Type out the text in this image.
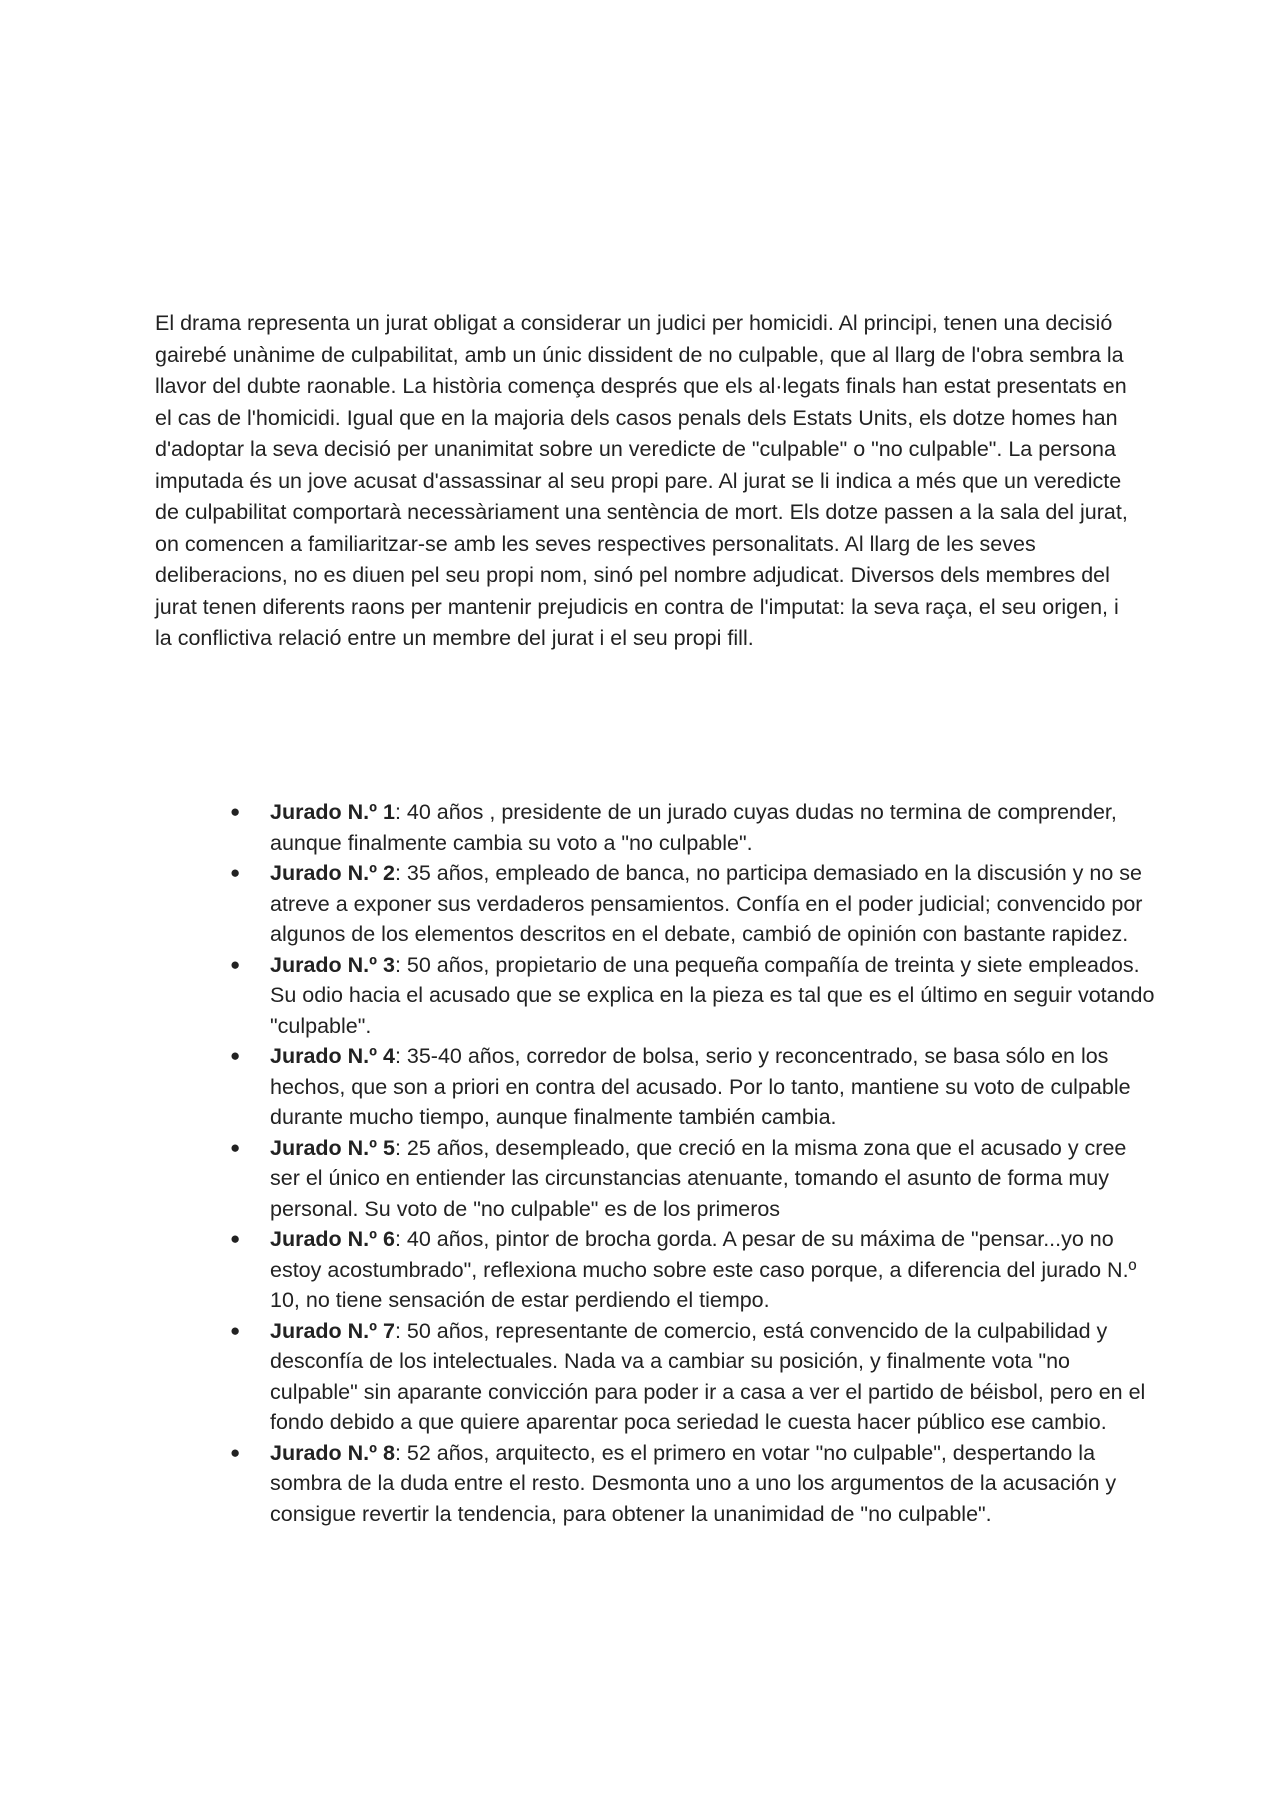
El drama representa un jurat obligat a considerar un judici per homicidi. Al principi, tenen una decisió gairebé unànime de culpabilitat, amb un únic dissident de no culpable, que al llarg de l'obra sembra la llavor del dubte raonable. La història comença després que els al·legats finals han estat presentats en el cas de l'homicidi. Igual que en la majoria dels casos penals dels Estats Units, els dotze homes han d'adoptar la seva decisió per unanimitat sobre un veredicte de "culpable" o "no culpable". La persona imputada és un jove acusat d'assassinar al seu propi pare. Al jurat se li indica a més que un veredicte de culpabilitat comportarà necessàriament una sentència de mort. Els dotze passen a la sala del jurat, on comencen a familiaritzar-se amb les seves respectives personalitats. Al llarg de les seves deliberacions, no es diuen pel seu propi nom, sinó pel nombre adjudicat. Diversos dels membres del jurat tenen diferents raons per mantenir prejudicis en contra de l'imputat: la seva raça, el seu origen, i la conflictiva relació entre un membre del jurat i el seu propi fill.

● Jurado N.º 1: 40 años , presidente de un jurado cuyas dudas no termina de comprender, aunque finalmente cambia su voto a "no culpable".
● Jurado N.º 2: 35 años, empleado de banca, no participa demasiado en la discusión y no se atreve a exponer sus verdaderos pensamientos. Confía en el poder judicial; convencido por algunos de los elementos descritos en el debate, cambió de opinión con bastante rapidez.
● Jurado N.º 3: 50 años, propietario de una pequeña compañía de treinta y siete empleados. Su odio hacia el acusado que se explica en la pieza es tal que es el último en seguir votando "culpable".
● Jurado N.º 4: 35-40 años, corredor de bolsa, serio y reconcentrado, se basa sólo en los hechos, que son a priori en contra del acusado. Por lo tanto, mantiene su voto de culpable durante mucho tiempo, aunque finalmente también cambia.
● Jurado N.º 5: 25 años, desempleado, que creció en la misma zona que el acusado y cree ser el único en entiender las circunstancias atenuante, tomando el asunto de forma muy personal. Su voto de "no culpable" es de los primeros
● Jurado N.º 6: 40 años, pintor de brocha gorda. A pesar de su máxima de "pensar...yo no estoy acostumbrado", reflexiona mucho sobre este caso porque, a diferencia del jurado N.º 10, no tiene sensación de estar perdiendo el tiempo.
● Jurado N.º 7: 50 años, representante de comercio, está convencido de la culpabilidad y desconfía de los intelectuales. Nada va a cambiar su posición, y finalmente vota "no culpable" sin aparante convicción para poder ir a casa a ver el partido de béisbol, pero en el fondo debido a que quiere aparentar poca seriedad le cuesta hacer público ese cambio.
● Jurado N.º 8: 52 años, arquitecto, es el primero en votar "no culpable", despertando la sombra de la duda entre el resto. Desmonta uno a uno los argumentos de la acusación y consigue revertir la tendencia, para obtener la unanimidad de "no culpable".
